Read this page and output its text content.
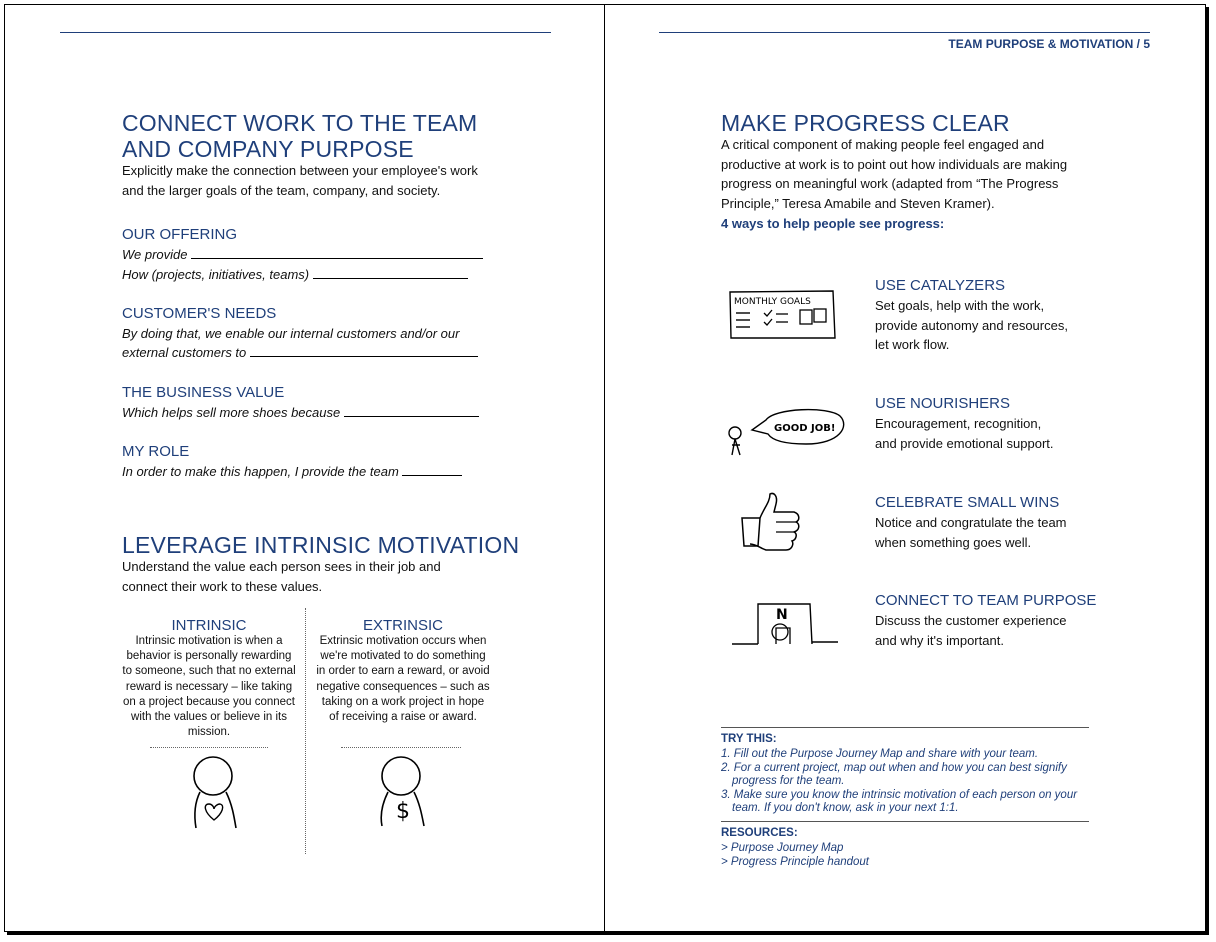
CONNECT WORK TO THE TEAM
AND COMPANY PURPOSE

Explicitly make the connection between your employee's work and the larger goals of the team, company, and society.

OUR OFFERING
We provide
How (projects, initiatives, teams)
CUSTOMER'S NEEDS
By doing that, we enable our internal customers and/or our
external customers to
THE BUSINESS VALUE
Which helps sell more shoes because
MY ROLE
In order to make this happen, I provide the team
LEVERAGE INTRINSIC MOTIVATION

Understand the value each person sees in their job and connect their work to these values.

INTRINSIC

Intrinsic motivation is when a behavior is personally rewarding to someone, such that no external reward is necessary – like taking on a project because you connect with the values or believe in its mission.

EXTRINSIC

Extrinsic motivation occurs when we're motivated to do something in order to earn a reward, or avoid negative consequences – such as taking on a work project in hope of receiving a raise or award.

$
TEAM PURPOSE & MOTIVATION / 5
MAKE PROGRESS CLEAR

A critical component of making people feel engaged and productive at work is to point out how individuals are making progress on meaningful work (adapted from “The Progress Principle,” Teresa Amabile and Steven Kramer).

4 ways to help people see progress:

MONTHLY GOALS
USE CATALYZERS

Set goals, help with the work,
provide autonomy and resources,
let work flow.

GOOD JOB!
USE NOURISHERS

Encouragement, recognition,
and provide emotional support.

CELEBRATE SMALL WINS

Notice and congratulate the team
when something goes well.

N
CONNECT TO TEAM PURPOSE

Discuss the customer experience
and why it's important.

TRY THIS:

1. Fill out the Purpose Journey Map and share with your team.
2. For a current project, map out when and how you can best signify progress for the team.
3. Make sure you know the intrinsic motivation of each person on your team. If you don't know, ask in your next 1:1.

RESOURCES:

> Purpose Journey Map
> Progress Principle handout
